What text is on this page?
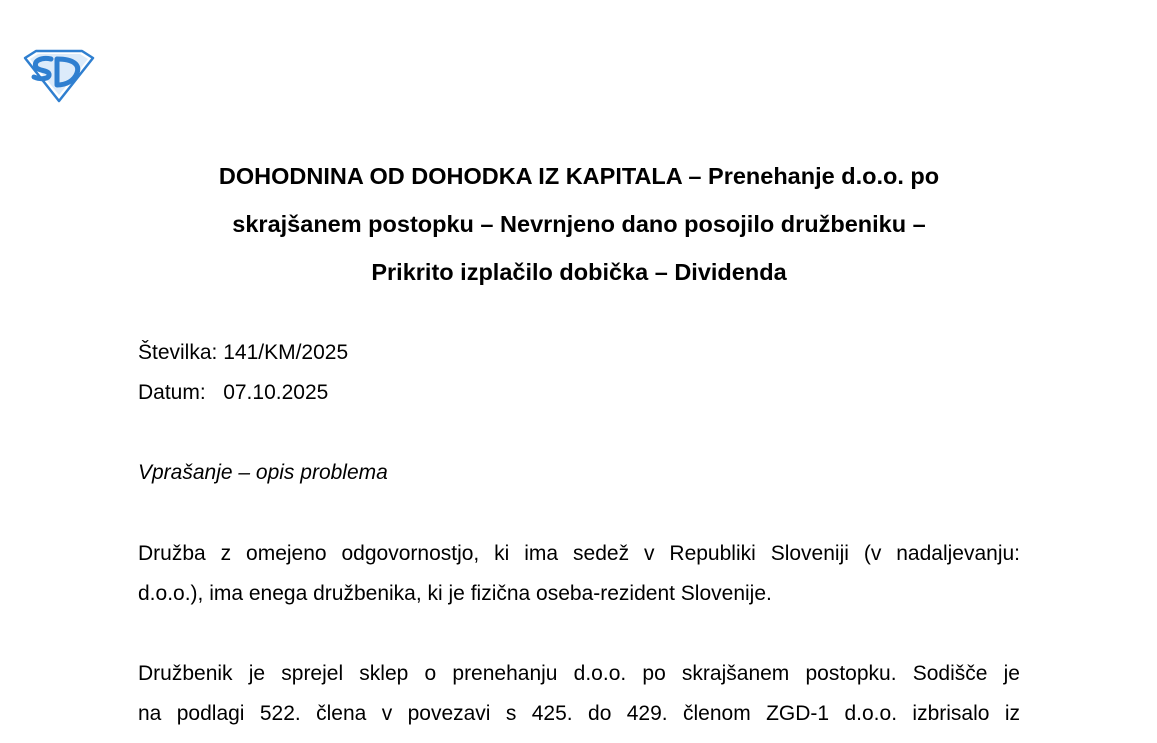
SD
DOHODNINA OD DOHODKA IZ KAPITALA – Prenehanje d.o.o. po
skrajšanem postopku – Nevrnjeno dano posojilo družbeniku –
Prikrito izplačilo dobička – Dividenda
Številka: 141/KM/2025
Datum: 07.10.2025
Vprašanje – opis problema
Družba z omejeno odgovornostjo, ki ima sedež v Republiki Sloveniji (v nadaljevanju:
d.o.o.), ima enega družbenika, ki je fizična oseba-rezident Slovenije.
Družbenik je sprejel sklep o prenehanju d.o.o. po skrajšanem postopku. Sodišče je
na podlagi 522. člena v povezavi s 425. do 429. členom ZGD-1 d.o.o. izbrisalo iz
